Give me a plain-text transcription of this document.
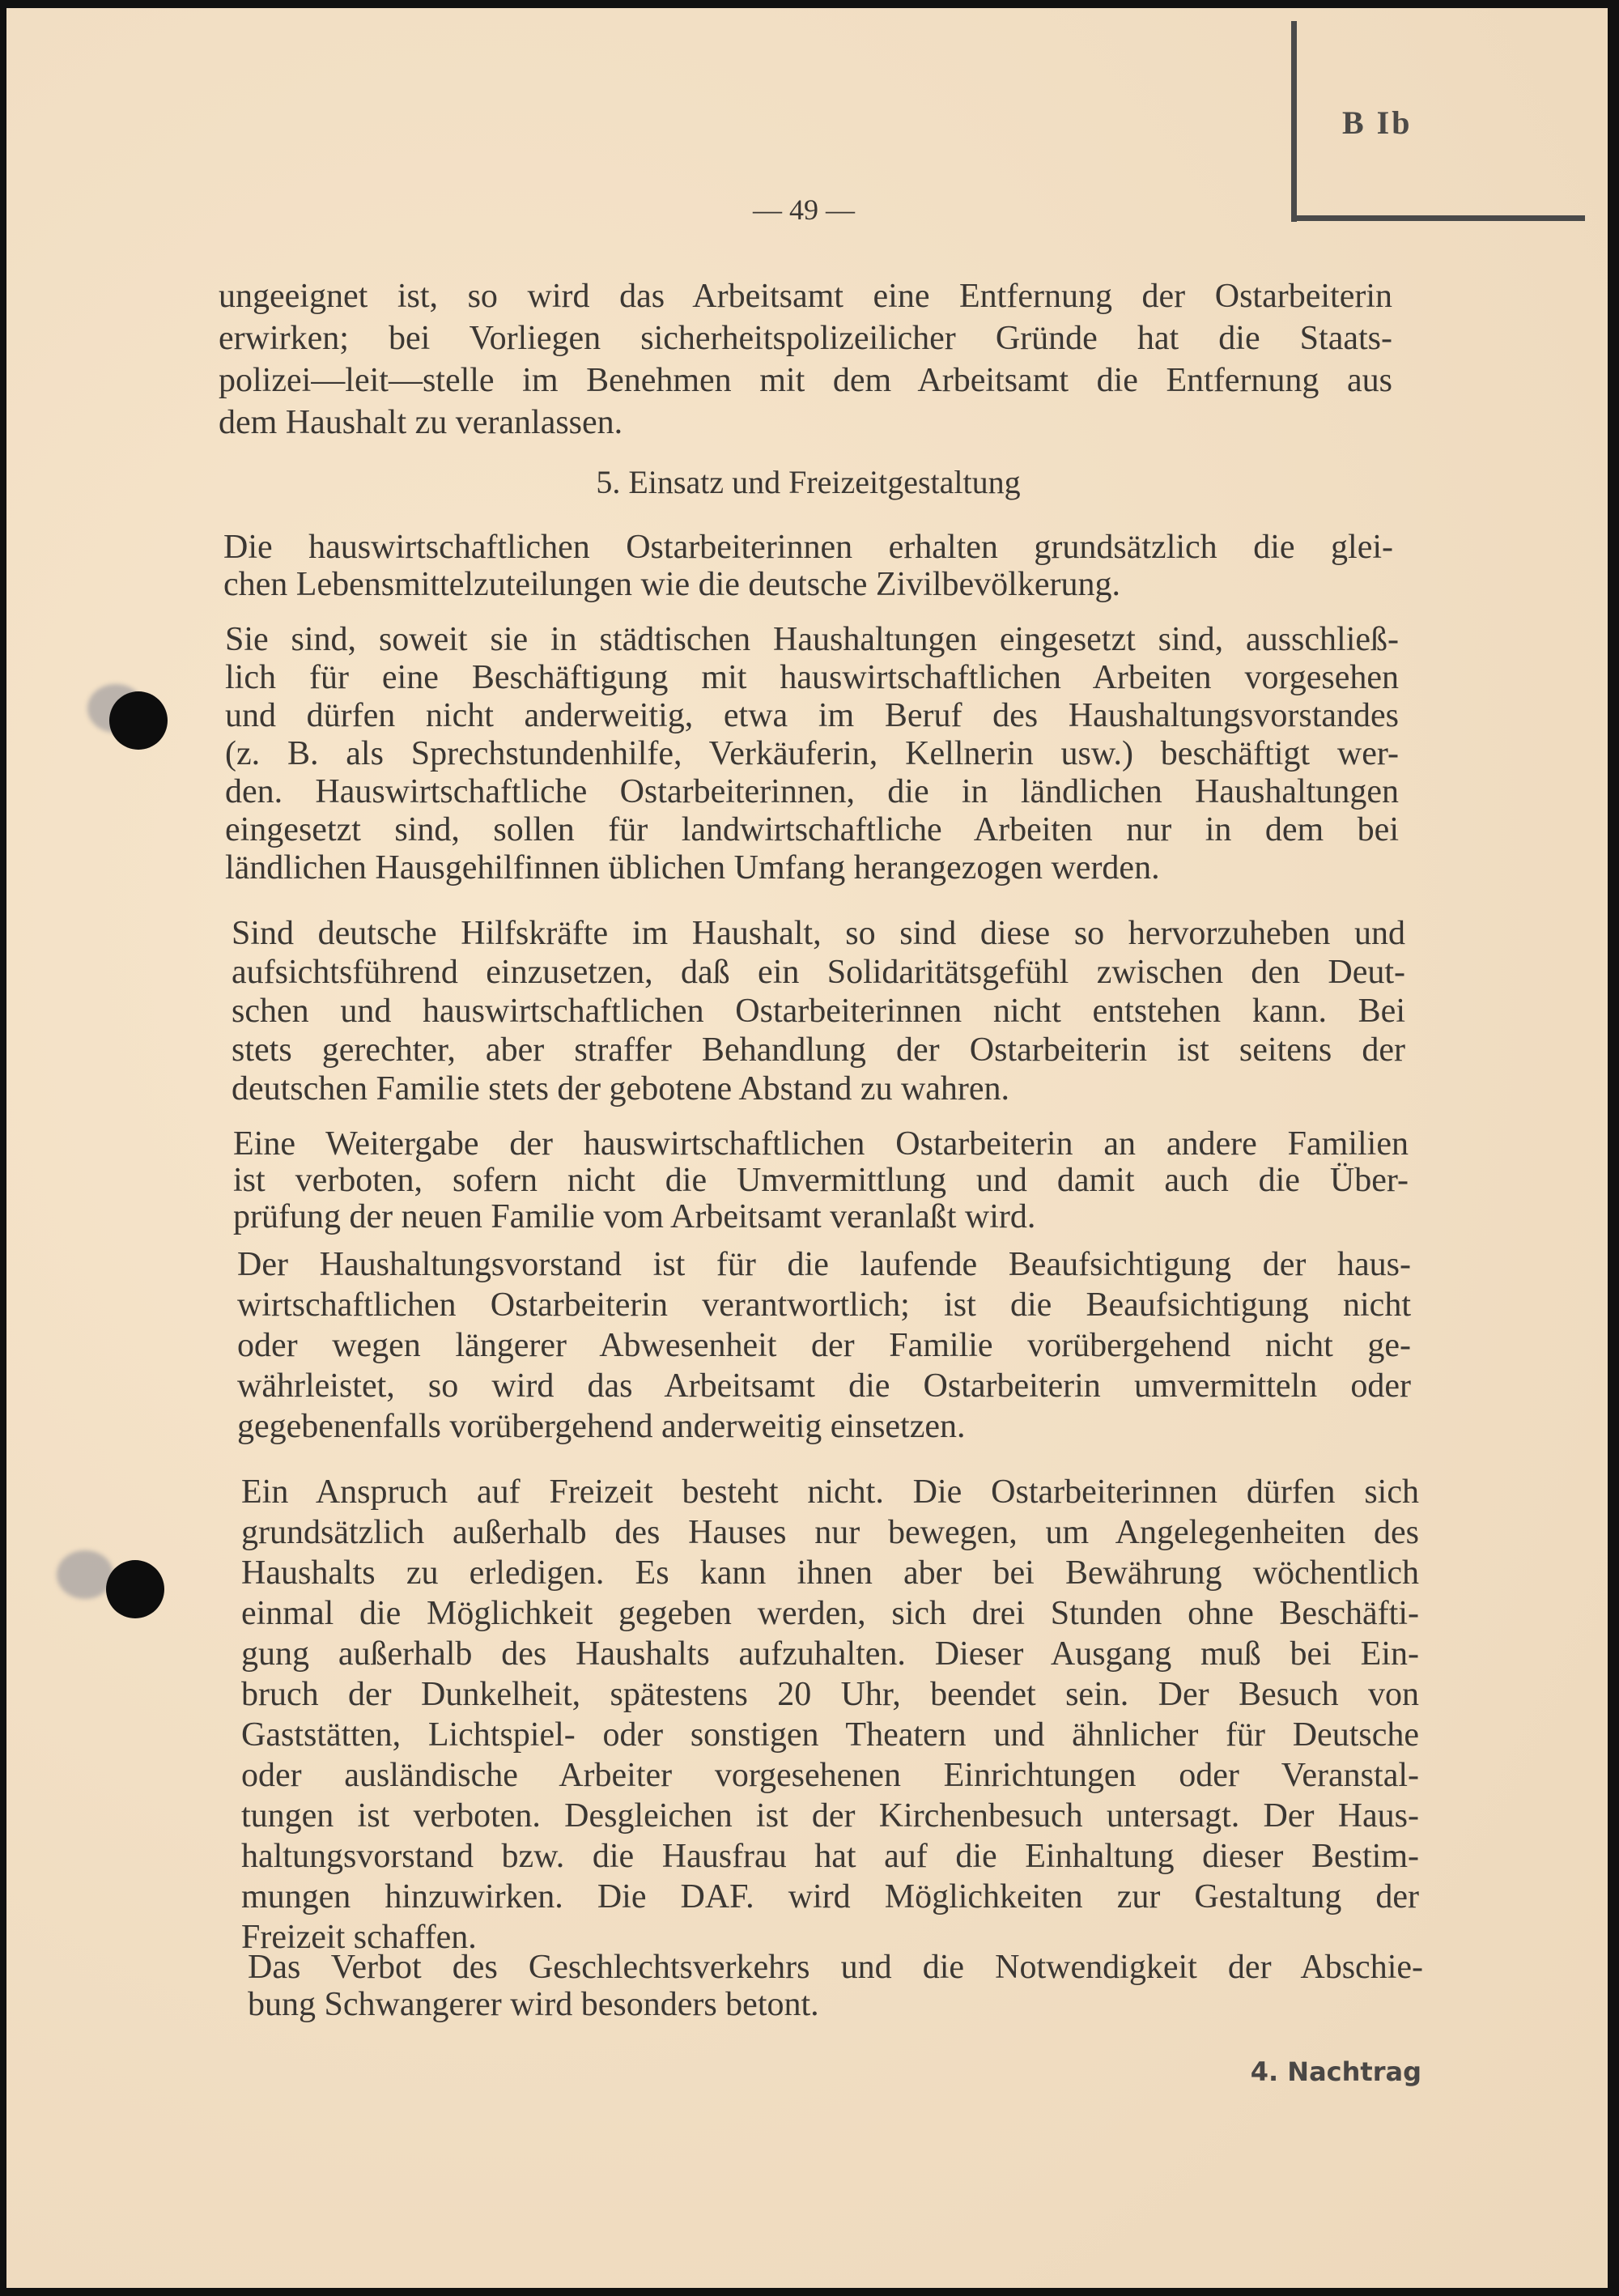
B Ib
— 49 —
ungeeignet ist, so wird das Arbeitsamt eine Entfernung der Ostarbeiterin
erwirken; bei Vorliegen sicherheitspolizeilicher Gründe hat die Staats-
polizei—leit—stelle im Benehmen mit dem Arbeitsamt die Entfernung aus
dem Haushalt zu veranlassen.
5. Einsatz und Freizeitgestaltung
Die hauswirtschaftlichen Ostarbeiterinnen erhalten grundsätzlich die glei-
chen Lebensmittelzuteilungen wie die deutsche Zivilbevölkerung.
Sie sind, soweit sie in städtischen Haushaltungen eingesetzt sind, ausschließ-
lich für eine Beschäftigung mit hauswirtschaftlichen Arbeiten vorgesehen
und dürfen nicht anderweitig, etwa im Beruf des Haushaltungsvorstandes
(z. B. als Sprechstundenhilfe, Verkäuferin, Kellnerin usw.) beschäftigt wer-
den. Hauswirtschaftliche Ostarbeiterinnen, die in ländlichen Haushaltungen
eingesetzt sind, sollen für landwirtschaftliche Arbeiten nur in dem bei
ländlichen Hausgehilfinnen üblichen Umfang herangezogen werden.
Sind deutsche Hilfskräfte im Haushalt, so sind diese so hervorzuheben und
aufsichtsführend einzusetzen, daß ein Solidaritätsgefühl zwischen den Deut-
schen und hauswirtschaftlichen Ostarbeiterinnen nicht entstehen kann. Bei
stets gerechter, aber straffer Behandlung der Ostarbeiterin ist seitens der
deutschen Familie stets der gebotene Abstand zu wahren.
Eine Weitergabe der hauswirtschaftlichen Ostarbeiterin an andere Familien
ist verboten, sofern nicht die Umvermittlung und damit auch die Über-
prüfung der neuen Familie vom Arbeitsamt veranlaßt wird.
Der Haushaltungsvorstand ist für die laufende Beaufsichtigung der haus-
wirtschaftlichen Ostarbeiterin verantwortlich; ist die Beaufsichtigung nicht
oder wegen längerer Abwesenheit der Familie vorübergehend nicht ge-
währleistet, so wird das Arbeitsamt die Ostarbeiterin umvermitteln oder
gegebenenfalls vorübergehend anderweitig einsetzen.
Ein Anspruch auf Freizeit besteht nicht. Die Ostarbeiterinnen dürfen sich
grundsätzlich außerhalb des Hauses nur bewegen, um Angelegenheiten des
Haushalts zu erledigen. Es kann ihnen aber bei Bewährung wöchentlich
einmal die Möglichkeit gegeben werden, sich drei Stunden ohne Beschäfti-
gung außerhalb des Haushalts aufzuhalten. Dieser Ausgang muß bei Ein-
bruch der Dunkelheit, spätestens 20 Uhr, beendet sein. Der Besuch von
Gaststätten, Lichtspiel- oder sonstigen Theatern und ähnlicher für Deutsche
oder ausländische Arbeiter vorgesehenen Einrichtungen oder Veranstal-
tungen ist verboten. Desgleichen ist der Kirchenbesuch untersagt. Der Haus-
haltungsvorstand bzw. die Hausfrau hat auf die Einhaltung dieser Bestim-
mungen hinzuwirken. Die DAF. wird Möglichkeiten zur Gestaltung der
Freizeit schaffen.
Das Verbot des Geschlechtsverkehrs und die Notwendigkeit der Abschie-
bung Schwangerer wird besonders betont.
4. Nachtrag
